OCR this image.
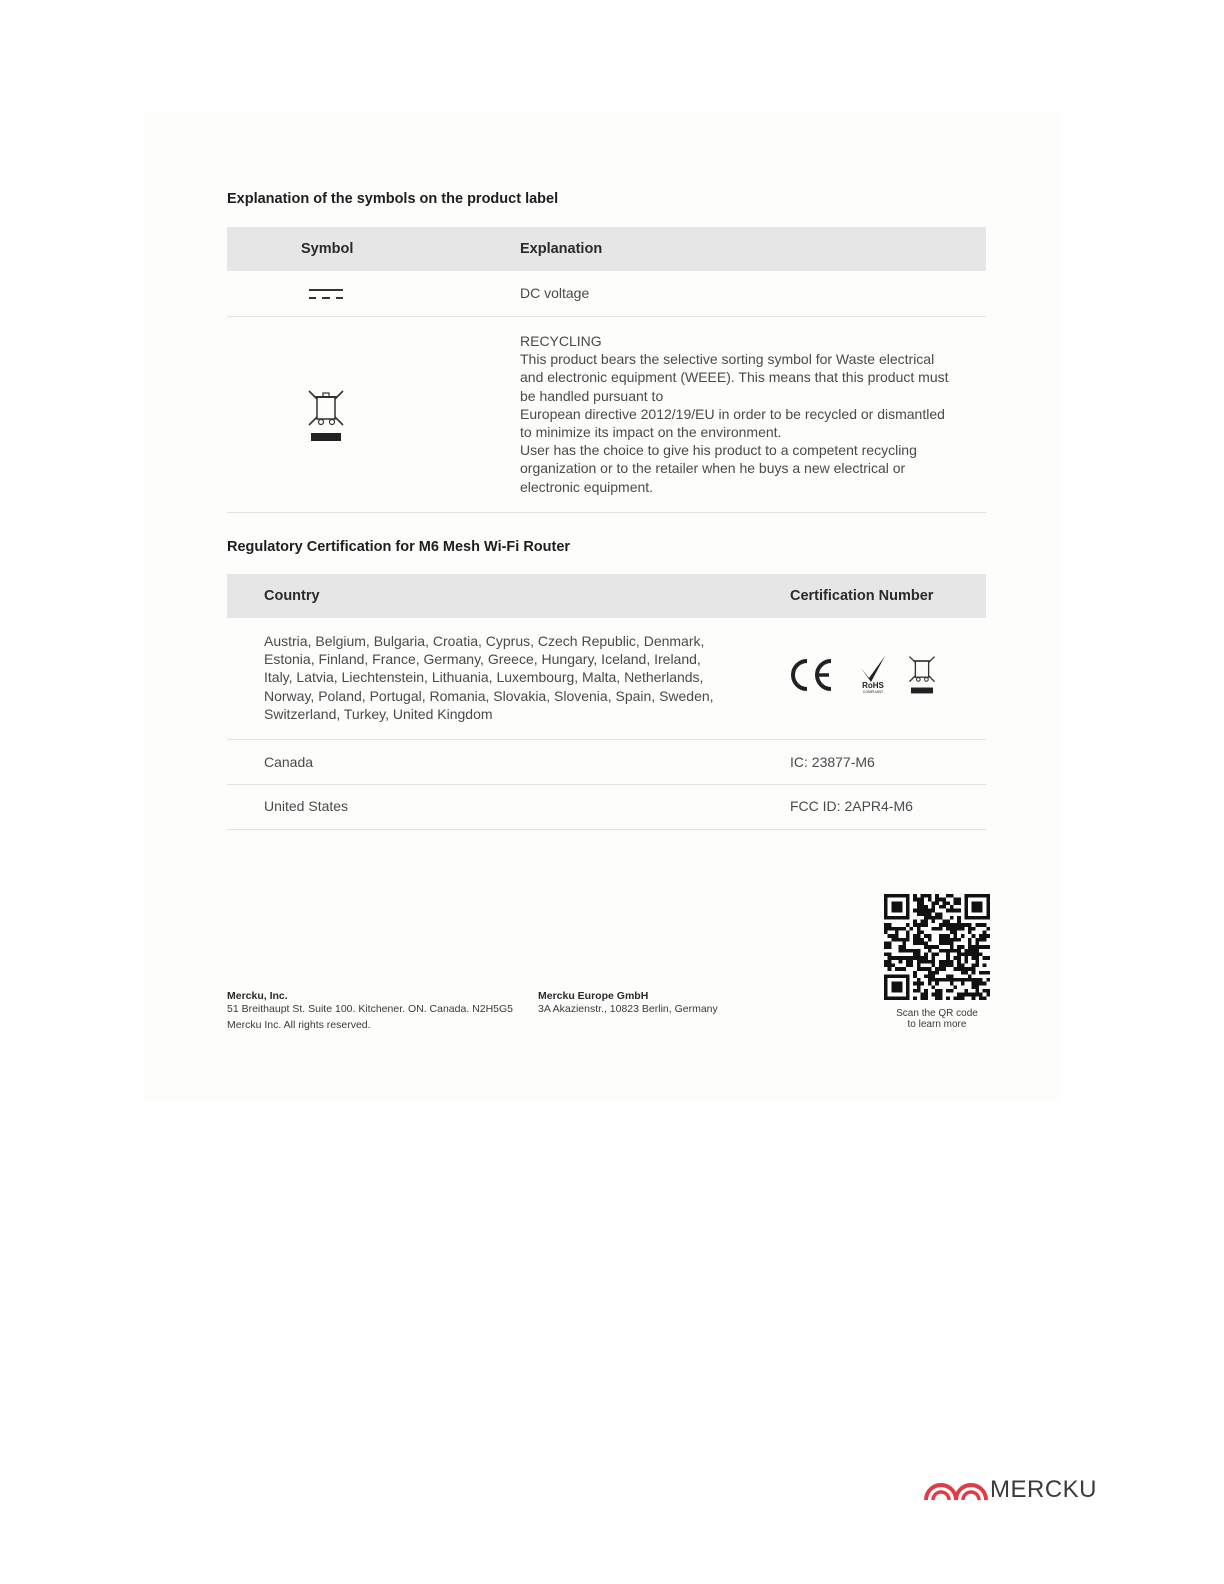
Explanation of the symbols on the product label
Symbol	Explanation
DC voltage
RECYCLING
This product bears the selective sorting symbol for Waste electrical
and electronic equipment (WEEE). This means that this product must
be handled pursuant to
European directive 2012/19/EU in order to be recycled or dismantled
to minimize its impact on the environment.
User has the choice to give his product to a competent recycling
organization or to the retailer when he buys a new electrical or
electronic equipment.
Regulatory Certification for M6 Mesh Wi-Fi Router
Country	Certification Number
Austria, Belgium, Bulgaria, Croatia, Cyprus, Czech Republic, Denmark,
Estonia, Finland, France, Germany, Greece, Hungary, Iceland, Ireland,
Italy, Latvia, Liechtenstein, Lithuania, Luxembourg, Malta, Netherlands,
Norway, Poland, Portugal, Romania, Slovakia, Slovenia, Spain, Sweden,
Switzerland, Turkey, United Kingdom
RoHS
COMPLIANT
Canada	IC: 23877-M6
United States	FCC ID: 2APR4-M6
Mercku, Inc.
51 Breithaupt St. Suite 100. Kitchener. ON. Canada. N2H5G5
Mercku Inc. All rights reserved.
Mercku Europe GmbH
3A Akazienstr., 10823 Berlin, Germany	Scan the QR code
to learn more
MERCKU
